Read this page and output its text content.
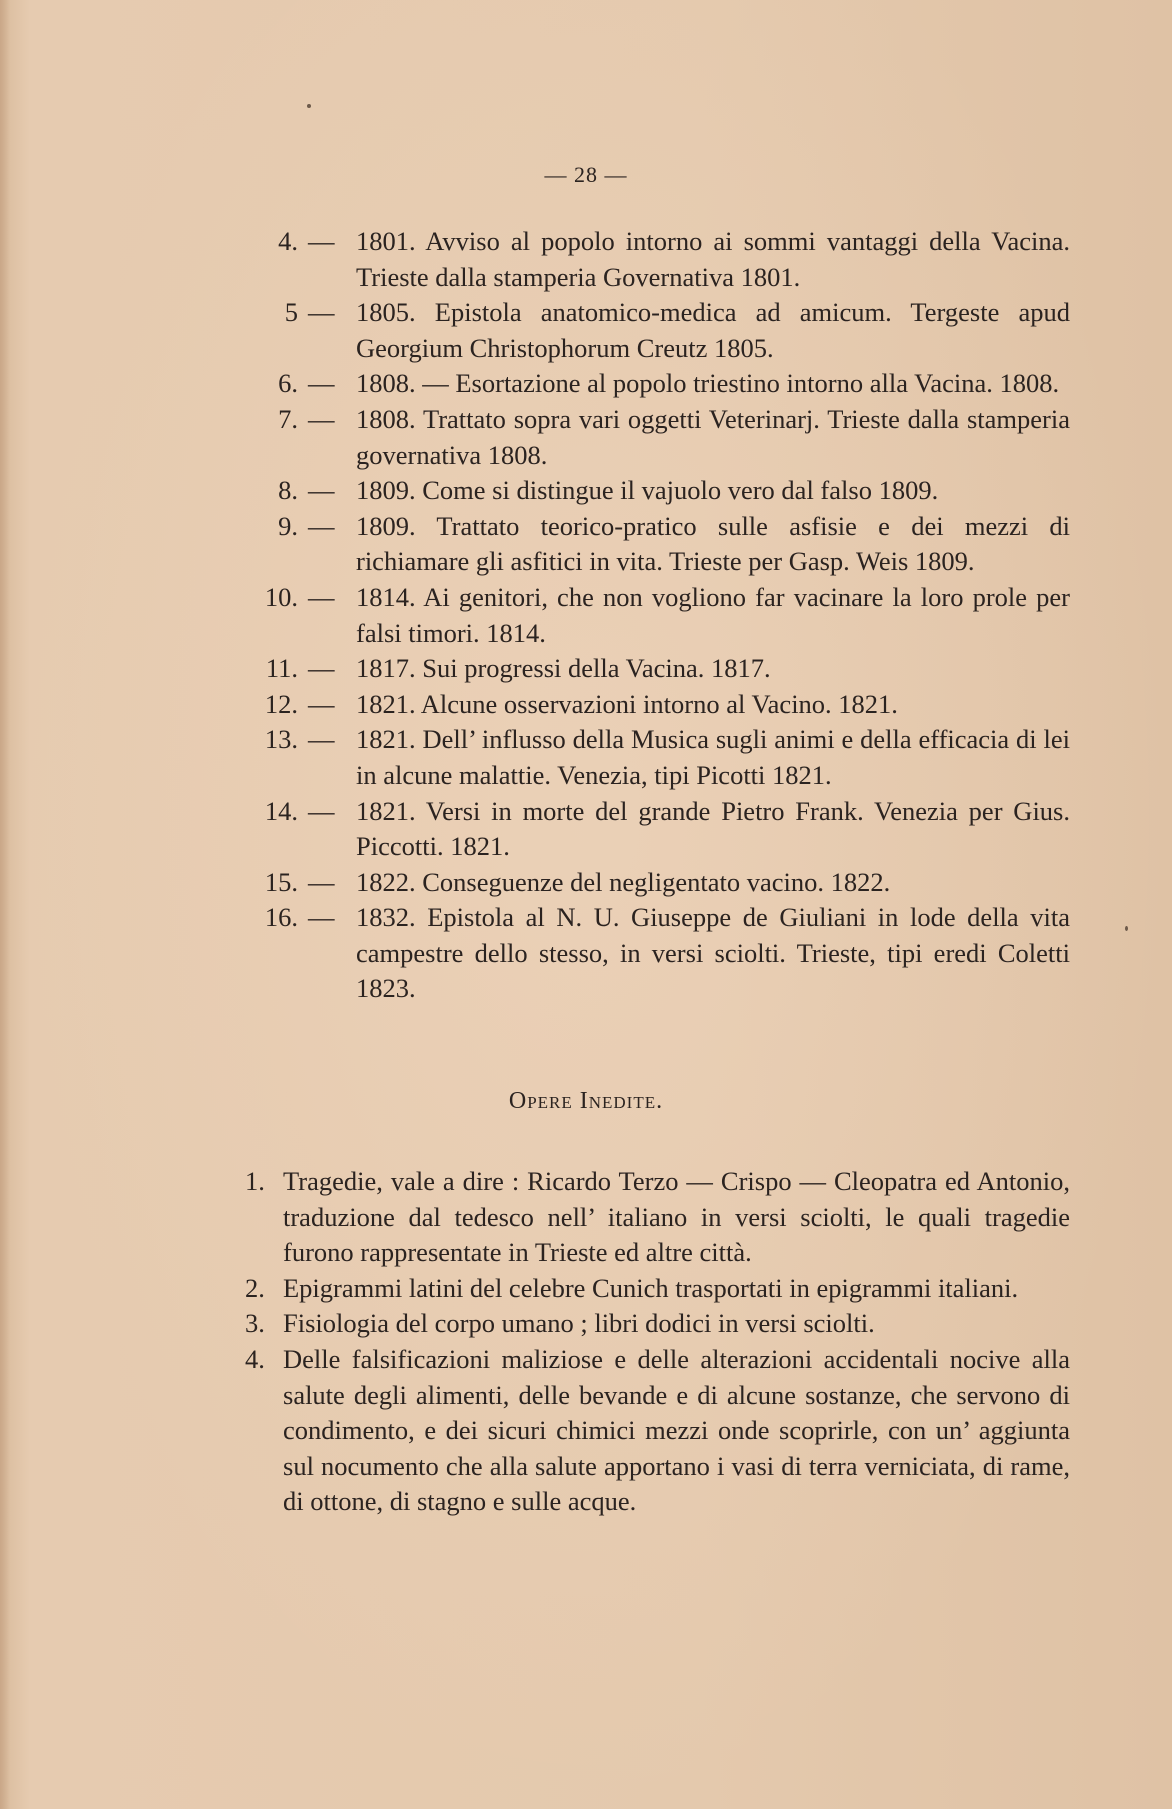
— 28 —
4. — 1801. Avviso al popolo intorno ai sommi vantaggi della Vacina. Trieste dalla stamperia Governativa 1801.
5 — 1805. Epistola anatomico-medica ad amicum. Tergeste apud Georgium Christophorum Creutz 1805.
6. — 1808. — Esortazione al popolo triestino intorno alla Vacina. 1808.
7. — 1808. Trattato sopra vari oggetti Veterinarj. Trieste dalla stamperia governativa 1808.
8. — 1809. Come si distingue il vajuolo vero dal falso 1809.
9. — 1809. Trattato teorico-pratico sulle asfisie e dei mezzi di richiamare gli asfitici in vita. Trieste per Gasp. Weis 1809.
10. — 1814. Ai genitori, che non vogliono far vacinare la loro prole per falsi timori. 1814.
11. — 1817. Sui progressi della Vacina. 1817.
12. — 1821. Alcune osservazioni intorno al Vacino. 1821.
13. — 1821. Dell’ influsso della Musica sugli animi e della efficacia di lei in alcune malattie. Venezia, tipi Picotti 1821.
14. — 1821. Versi in morte del grande Pietro Frank. Venezia per Gius. Piccotti. 1821.
15. — 1822. Conseguenze del negligentato vacino. 1822.
16. — 1832. Epistola al N. U. Giuseppe de Giuliani in lode della vita campestre dello stesso, in versi sciolti. Trieste, tipi eredi Coletti 1823.
Opere Inedite.
1. Tragedie, vale a dire : Ricardo Terzo — Crispo — Cleopatra ed Antonio, traduzione dal tedesco nell’ italiano in versi sciolti, le quali tragedie furono rappresentate in Trieste ed altre città.
2. Epigrammi latini del celebre Cunich trasportati in epigrammi italiani.
3. Fisiologia del corpo umano ; libri dodici in versi sciolti.
4. Delle falsificazioni maliziose e delle alterazioni accidentali nocive alla salute degli alimenti, delle bevande e di alcune sostanze, che servono di condimento, e dei sicuri chimici mezzi onde scoprirle, con un’ aggiunta sul nocumento che alla salute apportano i vasi di terra verniciata, di rame, di ottone, di stagno e sulle acque.
